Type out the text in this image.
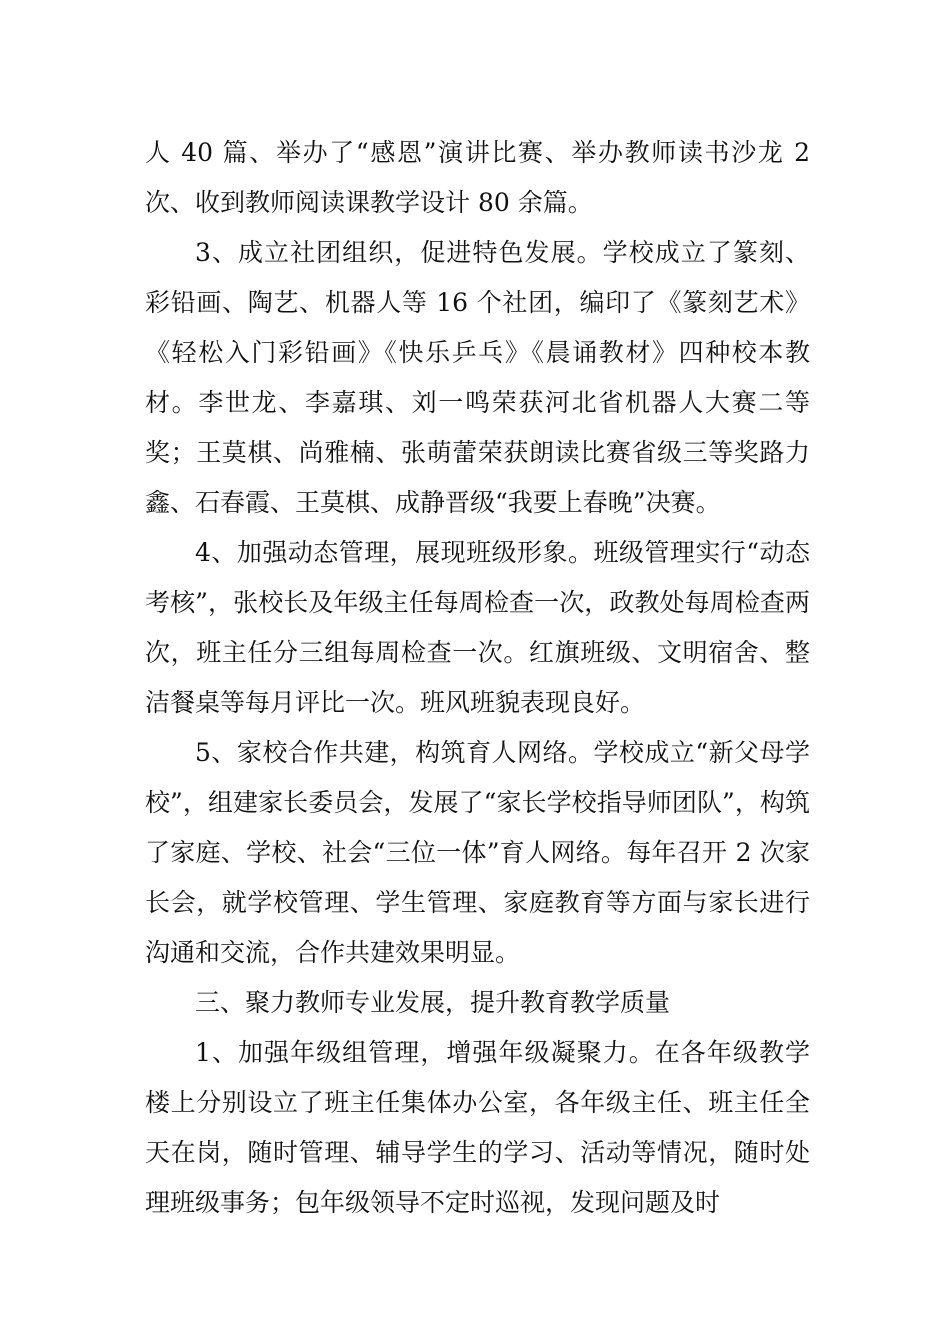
人 40 篇、举办了“感恩”演讲比赛、举办教师读书沙龙 2 次、收到教师阅读课教学设计 80 余篇。

3、成立社团组织，促进特色发展。学校成立了篆刻、彩铅画、陶艺、机器人等 16 个社团，编印了《篆刻艺术》《轻松入门彩铅画》《快乐乒乓》《晨诵教材》四种校本教材。李世龙、李嘉琪、刘一鸣荣获河北省机器人大赛二等奖；王莫棋、尚雅楠、张萌蕾荣获朗读比赛省级三等奖路力鑫、石春霞、王莫棋、成静晋级“我要上春晚”决赛。

4、加强动态管理，展现班级形象。班级管理实行“动态考核”，张校长及年级主任每周检查一次，政教处每周检查两次，班主任分三组每周检查一次。红旗班级、文明宿舍、整洁餐桌等每月评比一次。班风班貌表现良好。

5、家校合作共建，构筑育人网络。学校成立“新父母学校”，组建家长委员会，发展了“家长学校指导师团队”，构筑了家庭、学校、社会“三位一体”育人网络。每年召开 2 次家长会，就学校管理、学生管理、家庭教育等方面与家长进行沟通和交流，合作共建效果明显。

三、聚力教师专业发展，提升教育教学质量

1、加强年级组管理，增强年级凝聚力。在各年级教学楼上分别设立了班主任集体办公室，各年级主任、班主任全天在岗，随时管理、辅导学生的学习、活动等情况，随时处理班级事务；包年级领导不定时巡视，发现问题及时
